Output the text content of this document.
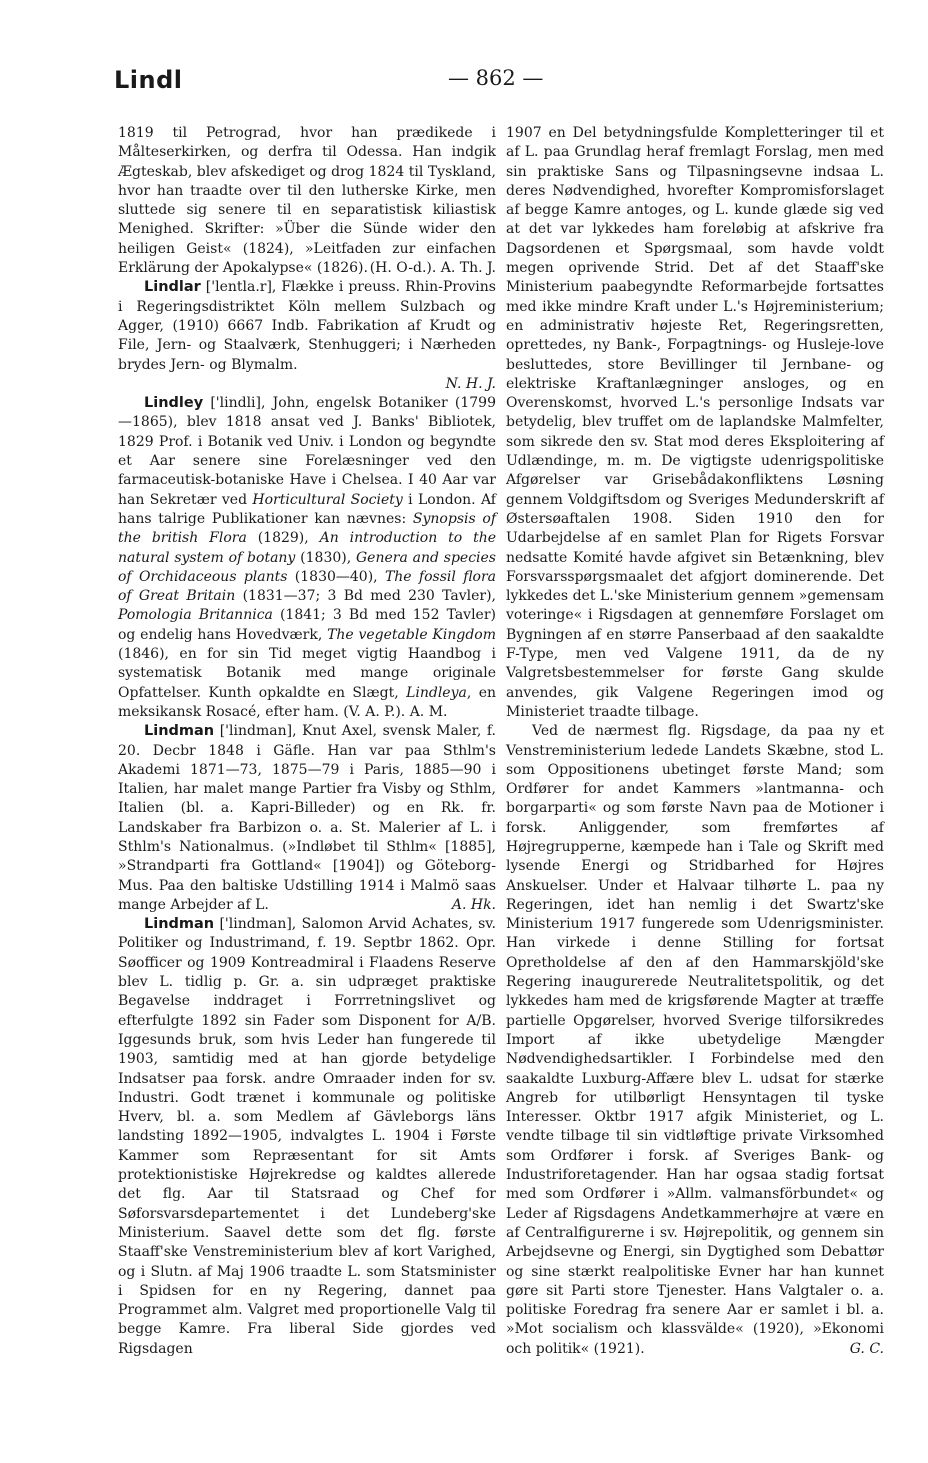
Lindl	— 862 —

1819 til Petrograd, hvor han prædikede i Målteserkirken, og derfra til Odessa. Han indgik Ægteskab, blev afskediget og drog 1824 til Tyskland, hvor han traadte over til den lutherske Kirke, men sluttede sig senere til en separatistisk kiliastisk Menighed. Skrifter: »Über die Sünde wider den heiligen Geist« (1824), »Leitfaden zur einfachen Erklärung der Apokalypse« (1826). (H. O-d.). A. Th. J.

Lindlar ['lentla.r], Flække i preuss. Rhin-Provins i Regeringsdistriktet Köln mellem Sulzbach og Agger, (1910) 6667 Indb. Fabrikation af Krudt og File, Jern- og Staalværk, Stenhuggeri; i Nærheden brydes Jern- og Blymalm.
N. H. J.

Lindley ['lindli], John, engelsk Botaniker (1799—1865), blev 1818 ansat ved J. Banks' Bibliotek, 1829 Prof. i Botanik ved Univ. i London og begyndte et Aar senere sine Forelæsninger ved den farmaceutisk-botaniske Have i Chelsea. I 40 Aar var han Sekretær ved Horticultural Society i London. Af hans talrige Publikationer kan nævnes: Synopsis of the british Flora (1829), An introduction to the natural system of botany (1830), Genera and species of Orchidaceous plants (1830—40), The fossil flora of Great Britain (1831—37; 3 Bd med 230 Tavler), Pomologia Britannica (1841; 3 Bd med 152 Tavler) og endelig hans Hovedværk, The vegetable Kingdom (1846), en for sin Tid meget vigtig Haandbog i systematisk Botanik med mange originale Opfattelser. Kunth opkaldte en Slægt, Lindleya, en meksikansk Rosacé, efter ham. (V. A. P.). A. M.

Lindman ['lindman], Knut Axel, svensk Maler, f. 20. Decbr 1848 i Gäfle. Han var paa Sthlm's Akademi 1871—73, 1875—79 i Paris, 1885—90 i Italien, har malet mange Partier fra Visby og Sthlm, Italien (bl. a. Kapri-Billeder) og en Rk. fr. Landskaber fra Barbizon o. a. St. Malerier af L. i Sthlm's Nationalmus. (»Indløbet til Sthlm« [1885], »Strandparti fra Gottland« [1904]) og Göteborg-Mus. Paa den baltiske Udstilling 1914 i Malmö saas mange Arbejder af L.	A. Hk.

Lindman ['lindman], Salomon Arvid Achates, sv. Politiker og Industrimand, f. 19. Septbr 1862. Opr. Søofficer og 1909 Kontreadmiral i Flaadens Reserve blev L. tidlig p. Gr. a. sin udpræget praktiske Begavelse inddraget i Forrretningslivet og efterfulgte 1892 sin Fader som Disponent for A/B. Iggesunds bruk, som hvis Leder han fungerede til 1903, samtidig med at han gjorde betydelige Indsatser paa forsk. andre Omraader inden for sv. Industri. Godt trænet i kommunale og politiske Hverv, bl. a. som Medlem af Gävleborgs läns landsting 1892—1905, indvalgtes L. 1904 i Første Kammer som Repræsentant for sit Amts protektionistiske Højrekredse og kaldtes allerede det flg. Aar til Statsraad og Chef for Søforsvarsdepartementet i det Lundeberg'ske Ministerium. Saavel dette som det flg. første Staaff'ske Venstreministerium blev af kort Varighed, og i Slutn. af Maj 1906 traadte L. som Statsminister i Spidsen for en ny Regering, dannet paa Programmet alm. Valgret med proportionelle Valg til begge Kamre. Fra liberal Side gjordes ved Rigsdagen

1907 en Del betydningsfulde Kompletteringer til et af L. paa Grundlag heraf fremlagt Forslag, men med sin praktiske Sans og Tilpasningsevne indsaa L. deres Nødvendighed, hvorefter Kompromisforslaget af begge Kamre antoges, og L. kunde glæde sig ved at det var lykkedes ham foreløbig at afskrive fra Dagsordenen et Spørgsmaal, som havde voldt megen oprivende Strid. Det af det Staaff'ske Ministerium paabegyndte Reformarbejde fortsattes med ikke mindre Kraft under L.'s Højreministerium; en administrativ højeste Ret, Regeringsretten, oprettedes, ny Bank-, Forpagtnings- og Husleje-love besluttedes, store Bevillinger til Jernbane- og elektriske Kraftanlægninger ansloges, og en Overenskomst, hvorved L.'s personlige Indsats var betydelig, blev truffet om de laplandske Malmfelter, som sikrede den sv. Stat mod deres Eksploitering af Udlændinge, m. m. De vigtigste udenrigspolitiske Afgørelser var Grisebådakonfliktens Løsning gennem Voldgiftsdom og Sveriges Medunderskrift af Østersøaftalen 1908. Siden 1910 den for Udarbejdelse af en samlet Plan for Rigets Forsvar nedsatte Komité havde afgivet sin Betænkning, blev Forsvarsspørgsmaalet det afgjort dominerende. Det lykkedes det L.'ske Ministerium gennem »gemensam voteringe« i Rigsdagen at gennemføre Forslaget om Bygningen af en større Panserbaad af den saakaldte F-Type, men ved Valgene 1911, da de ny Valgretsbestemmelser for første Gang skulde anvendes, gik Valgene Regeringen imod og Ministeriet traadte tilbage.

Ved de nærmest flg. Rigsdage, da paa ny et Venstreministerium ledede Landets Skæbne, stod L. som Oppositionens ubetinget første Mand; som Ordfører for andet Kammers »lantmanna- och borgarparti« og som første Navn paa de Motioner i forsk. Anliggender, som fremførtes af Højregrupperne, kæmpede han i Tale og Skrift med lysende Energi og Stridbarhed for Højres Anskuelser. Under et Halvaar tilhørte L. paa ny Regeringen, idet han nemlig i det Swartz'ske Ministerium 1917 fungerede som Udenrigsminister. Han virkede i denne Stilling for fortsat Opretholdelse af den af den Hammarskjöld'ske Regering inaugurerede Neutralitetspolitik, og det lykkedes ham med de krigsførende Magter at træffe partielle Opgørelser, hvorved Sverige tilforsikredes Import af ikke ubetydelige Mængder Nødvendighedsartikler. I Forbindelse med den saakaldte Luxburg-Affære blev L. udsat for stærke Angreb for utilbørligt Hensyntagen til tyske Interesser. Oktbr 1917 afgik Ministeriet, og L. vendte tilbage til sin vidtløftige private Virksomhed som Ordfører i forsk. af Sveriges Bank- og Industriforetagender. Han har ogsaa stadig fortsat med som Ordfører i »Allm. valmansförbundet« og Leder af Rigsdagens Andetkammerhøjre at være en af Centralfigurerne i sv. Højrepolitik, og gennem sin Arbejdsevne og Energi, sin Dygtighed som Debattør og sine stærkt realpolitiske Evner har han kunnet gøre sit Parti store Tjenester. Hans Valgtaler o. a. politiske Foredrag fra senere Aar er samlet i bl. a. »Mot socialism och klassvälde« (1920), »Ekonomi och politik« (1921).	G. C.
